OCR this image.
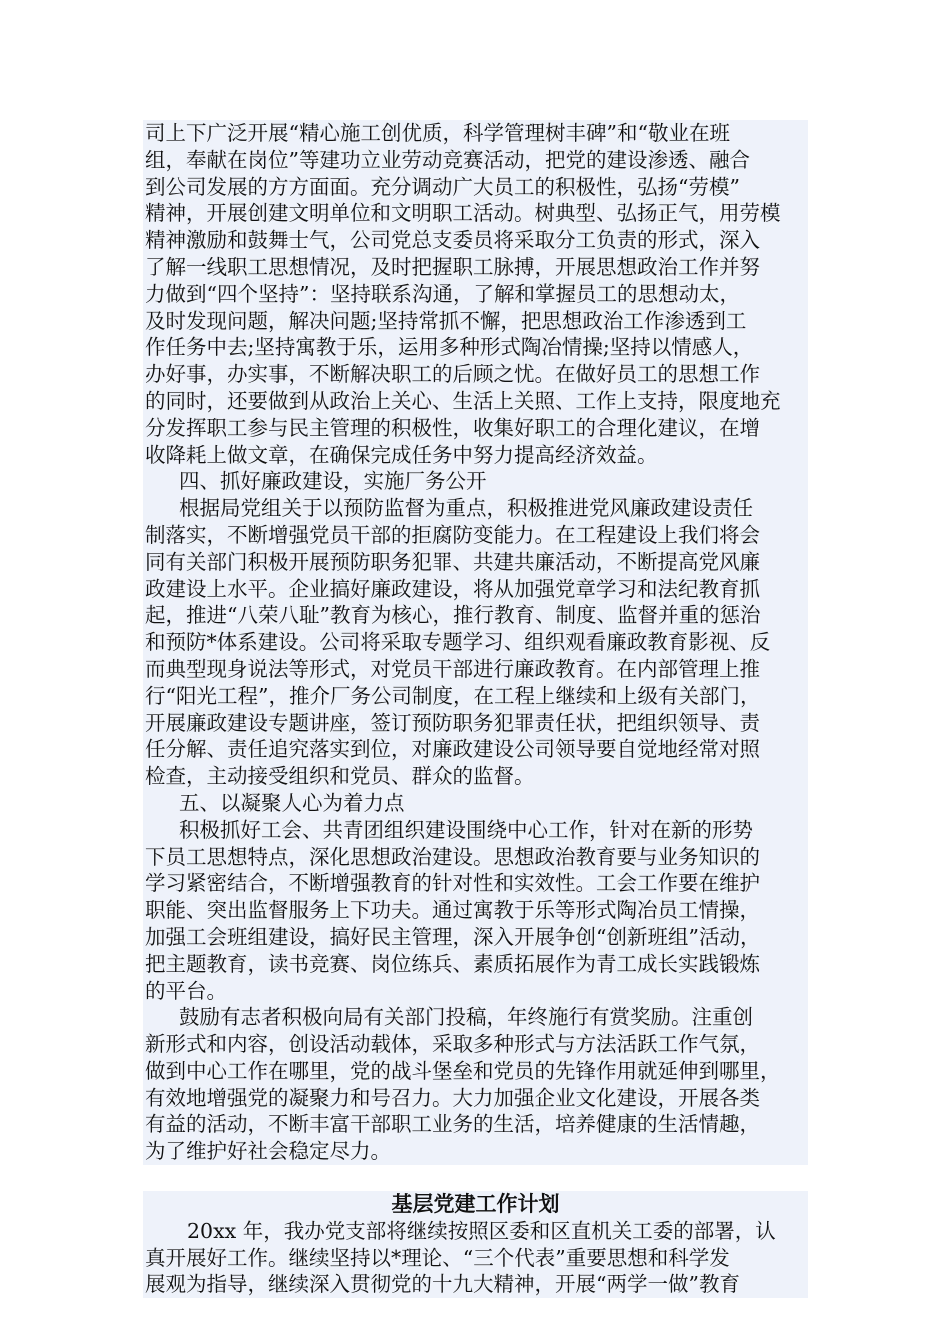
司上下广泛开展“精心施工创优质，科学管理树丰碑”和“敬业在班
组，奉献在岗位”等建功立业劳动竞赛活动，把党的建设渗透、融合
到公司发展的方方面面。充分调动广大员工的积极性，弘扬“劳模”
精神，开展创建文明单位和文明职工活动。树典型、弘扬正气，用劳模
精神激励和鼓舞士气，公司党总支委员将采取分工负责的形式，深入
了解一线职工思想情况，及时把握职工脉搏，开展思想政治工作并努
力做到“四个坚持”：坚持联系沟通，了解和掌握员工的思想动太，
及时发现问题，解决问题;坚持常抓不懈，把思想政治工作渗透到工
作任务中去;坚持寓教于乐，运用多种形式陶冶情操;坚持以情感人，
办好事，办实事，不断解决职工的后顾之忧。在做好员工的思想工作
的同时，还要做到从政治上关心、生活上关照、工作上支持，限度地充
分发挥职工参与民主管理的积极性，收集好职工的合理化建议，在增
收降耗上做文章，在确保完成任务中努力提高经济效益。
四、抓好廉政建设，实施厂务公开
根据局党组关于以预防监督为重点，积极推进党风廉政建设责任
制落实，不断增强党员干部的拒腐防变能力。在工程建设上我们将会
同有关部门积极开展预防职务犯罪、共建共廉活动，不断提高党风廉
政建设上水平。企业搞好廉政建设，将从加强党章学习和法纪教育抓
起，推进“八荣八耻”教育为核心，推行教育、制度、监督并重的惩治
和预防*体系建设。公司将采取专题学习、组织观看廉政教育影视、反
而典型现身说法等形式，对党员干部进行廉政教育。在内部管理上推
行“阳光工程”，推介厂务公司制度，在工程上继续和上级有关部门，
开展廉政建设专题讲座，签订预防职务犯罪责任状，把组织领导、责
任分解、责任追究落实到位，对廉政建设公司领导要自觉地经常对照
检查，主动接受组织和党员、群众的监督。
五、以凝聚人心为着力点
积极抓好工会、共青团组织建设围绕中心工作，针对在新的形势
下员工思想特点，深化思想政治建设。思想政治教育要与业务知识的
学习紧密结合，不断增强教育的针对性和实效性。工会工作要在维护
职能、突出监督服务上下功夫。通过寓教于乐等形式陶冶员工情操，
加强工会班组建设，搞好民主管理，深入开展争创“创新班组”活动，
把主题教育，读书竞赛、岗位练兵、素质拓展作为青工成长实践锻炼
的平台。
鼓励有志者积极向局有关部门投稿，年终施行有赏奖励。注重创
新形式和内容，创设活动载体，采取多种形式与方法活跃工作气氛，
做到中心工作在哪里，党的战斗堡垒和党员的先锋作用就延伸到哪里，
有效地增强党的凝聚力和号召力。大力加强企业文化建设，开展各类
有益的活动，不断丰富干部职工业务的生活，培养健康的生活情趣，
为了维护好社会稳定尽力。
基层党建工作计划
20xx 年，我办党支部将继续按照区委和区直机关工委的部署，认
真开展好工作。继续坚持以*理论、“三个代表”重要思想和科学发
展观为指导，继续深入贯彻党的十九大精神，开展“两学一做”教育
